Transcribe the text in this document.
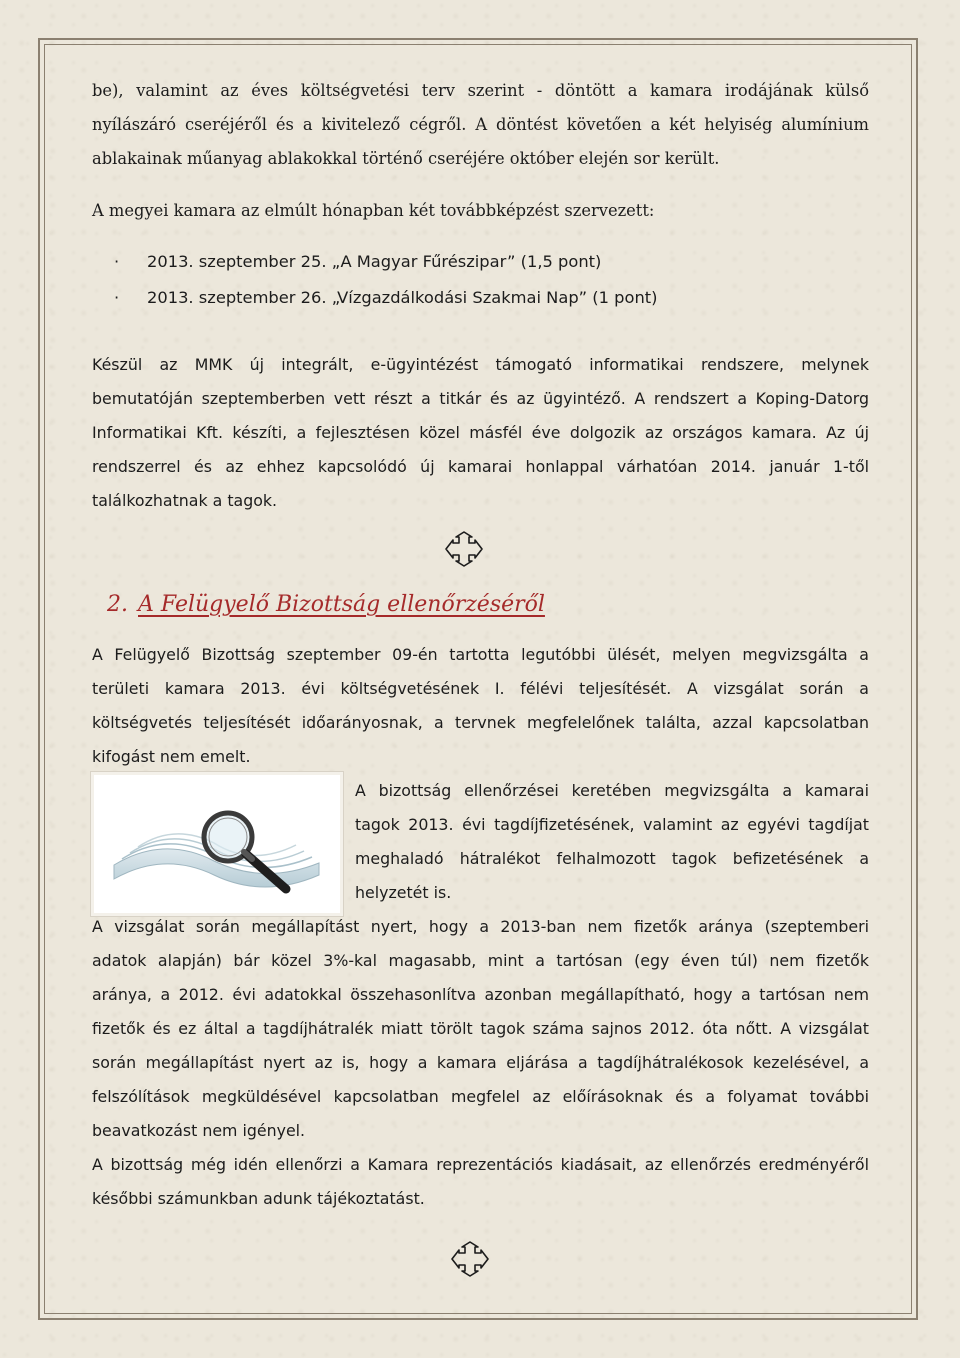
be), valamint az éves költségvetési terv szerint - döntött a kamara irodájának külső

nyílászáró cseréjéről és a kivitelező cégről. A döntést követően a két helyiség alumínium

ablakainak műanyag ablakokkal történő cseréjére október elején sor került.

A megyei kamara az elmúlt hónapban két továbbképzést szervezett:

· 2013. szeptember 25. „A Magyar Fűrészipar” (1,5 pont)
· 2013. szeptember 26. „Vízgazdálkodási Szakmai Nap” (1 pont)

Készül az MMK új integrált, e-ügyintézést támogató informatikai rendszere, melynek

bemutatóján szeptemberben vett részt a titkár és az ügyintéző. A rendszert a Koping-Datorg

Informatikai Kft. készíti, a fejlesztésen közel másfél éve dolgozik az országos kamara. Az új

rendszerrel és az ehhez kapcsolódó új kamarai honlappal várhatóan 2014. január 1-től

találkozhatnak a tagok.

2. A Felügyelő Bizottság ellenőrzéséről

A Felügyelő Bizottság szeptember 09-én tartotta legutóbbi ülését, melyen megvizsgálta a

területi kamara 2013. évi költségvetésének I. félévi teljesítését. A vizsgálat során a

költségvetés teljesítését időarányosnak, a tervnek megfelelőnek találta, azzal kapcsolatban

kifogást nem emelt.

A bizottság ellenőrzései keretében megvizsgálta a kamarai

tagok 2013. évi tagdíjfizetésének, valamint az egyévi tagdíjat

meghaladó hátralékot felhalmozott tagok befizetésének a

helyzetét is.

A vizsgálat során megállapítást nyert, hogy a 2013-ban nem fizetők aránya (szeptemberi

adatok alapján) bár közel 3%-kal magasabb, mint a tartósan (egy éven túl) nem fizetők

aránya, a 2012. évi adatokkal összehasonlítva azonban megállapítható, hogy a tartósan nem

fizetők és ez által a tagdíjhátralék miatt törölt tagok száma sajnos 2012. óta nőtt. A vizsgálat

során megállapítást nyert az is, hogy a kamara eljárása a tagdíjhátralékosok kezelésével, a

felszólítások megküldésével kapcsolatban megfelel az előírásoknak és a folyamat további

beavatkozást nem igényel.

A bizottság még idén ellenőrzi a Kamara reprezentációs kiadásait, az ellenőrzés eredményéről

későbbi számunkban adunk tájékoztatást.
